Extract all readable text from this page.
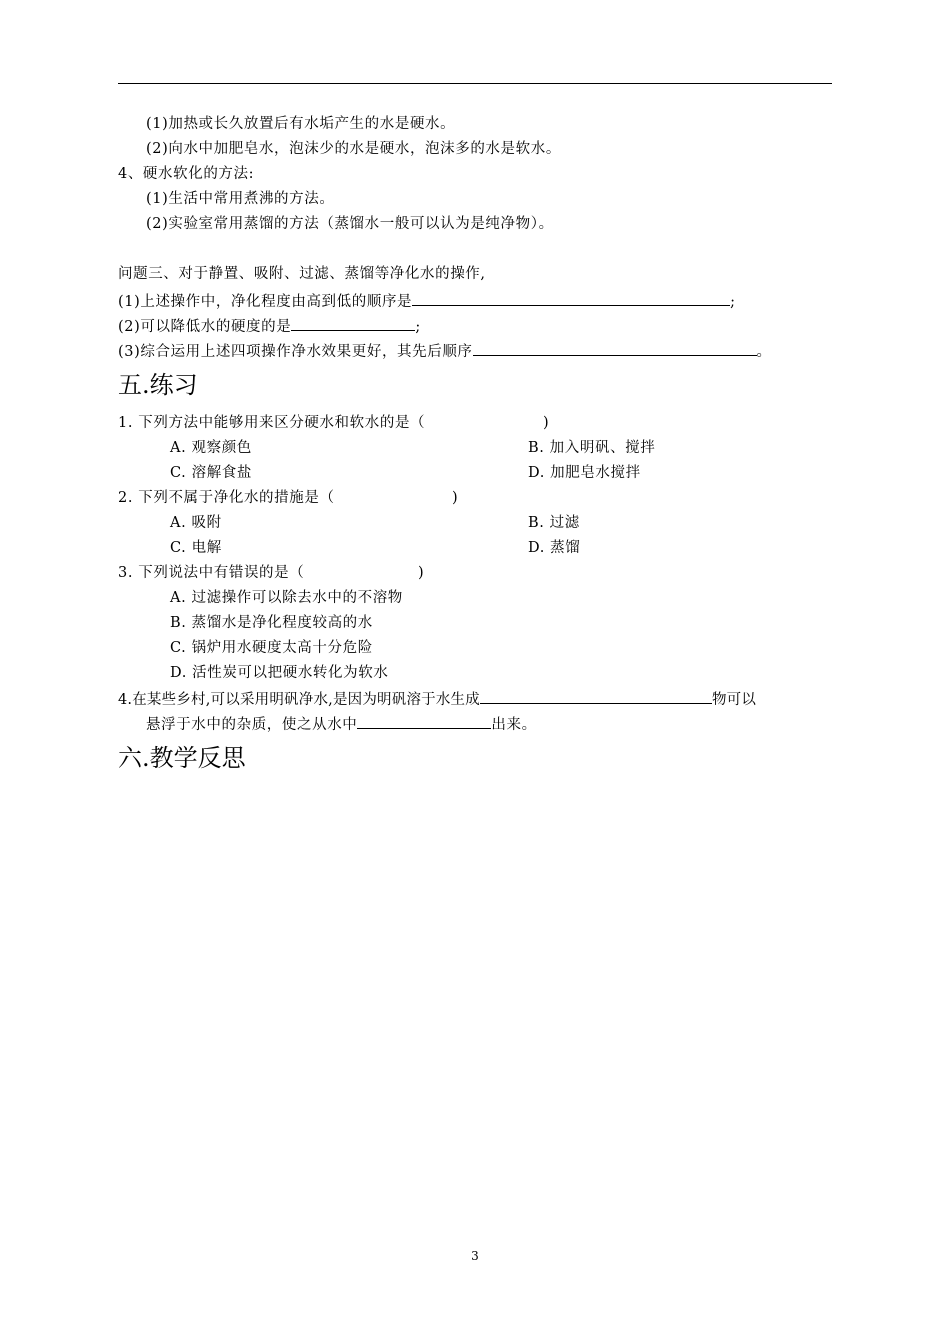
(1)加热或长久放置后有水垢产生的水是硬水。
(2)向水中加肥皂水，泡沫少的水是硬水，泡沫多的水是软水。
4、硬水软化的方法:
(1)生活中常用煮沸的方法。
(2)实验室常用蒸馏的方法（蒸馏水一般可以认为是纯净物）。
问题三、对于静置、吸附、过滤、蒸馏等净化水的操作,
(1)上述操作中，净化程度由高到低的顺序是	;
(2)可以降低水的硬度的是	;
(3)综合运用上述四项操作净水效果更好，其先后顺序	。
五.练习
1. 下列方法中能够用来区分硬水和软水的是（	)
A. 观察颜色	B. 加入明矾、搅拌
C. 溶解食盐	D. 加肥皂水搅拌
2. 下列不属于净化水的措施是（	)
A. 吸附	B. 过滤
C. 电解	D. 蒸馏
3. 下列说法中有错误的是（	)
A. 过滤操作可以除去水中的不溶物
B. 蒸馏水是净化程度较高的水
C. 锅炉用水硬度太高十分危险
D. 活性炭可以把硬水转化为软水
4.在某些乡村,可以采用明矾净水,是因为明矾溶于水生成	物可以
悬浮于水中的杂质，使之从水中	出来。
六.教学反思
3
